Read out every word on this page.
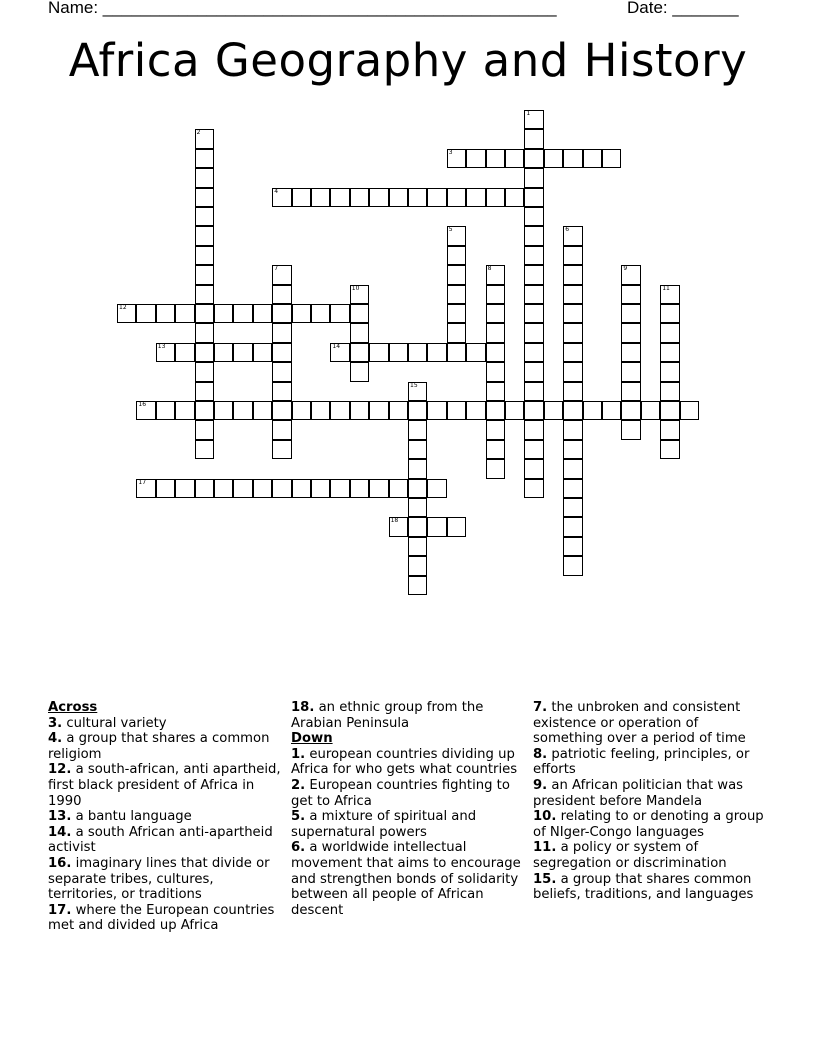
Name: ________________________________________________	Date: _______
Africa Geography and History
1
2
3
4
5	6
7	8	9
10	11
12
13	14
15
16
17
18
Across
3. cultural variety
4. a group that shares a common religiom
12. a south-african, anti apartheid, first black president of Africa in 1990
13. a bantu language
14. a south African anti-apartheid activist
16. imaginary lines that divide or separate tribes, cultures, territories, or traditions
17. where the European countries met and divided up Africa
18. an ethnic group from the Arabian Peninsula
Down
1. european countries dividing up Africa for who gets what countries
2. European countries fighting to get to Africa
5. a mixture of spiritual and supernatural powers
6. a worldwide intellectual movement that aims to encourage and strengthen bonds of solidarity between all people of African descent
7. the unbroken and consistent existence or operation of something over a period of time
8. patriotic feeling, principles, or efforts
9. an African politician that was president before Mandela
10. relating to or denoting a group of NIger-Congo languages
11. a policy or system of segregation or discrimination
15. a group that shares common beliefs, traditions, and languages
